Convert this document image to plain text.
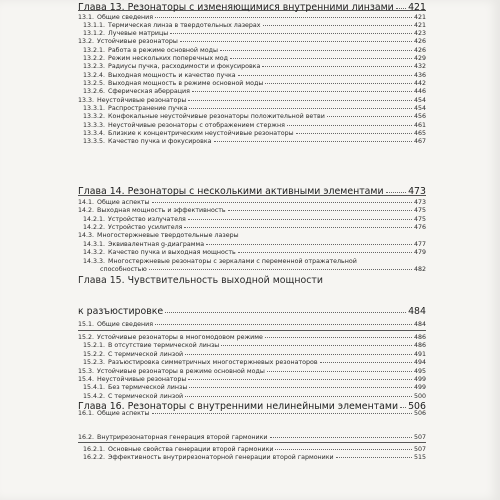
Глава 13. Резонаторы с изменяющимися внутренними линзами 421
13.1. Общие сведения	421
13.1.1. Термическая линза в твердотельных лазерах	421
13.1.2. Лучевые матрицы	423
13.2. Устойчивые резонаторы	426
13.2.1. Работа в режиме основной моды	426
13.2.2. Режим нескольких поперечных мод	429
13.2.3. Радиусы пучка, расходимости и фокусировка	432
13.2.4. Выходная мощность и качество пучка	436
13.2.5. Выходная мощность в режиме основной моды	442
13.2.6. Сферическая аберрация	446
13.3. Неустойчивые резонаторы	454
13.3.1. Распространение пучка	454
13.3.2. Конфокальные неустойчивые резонаторы положительной ветви	456
13.3.3. Неустойчивые резонаторы с отображением стержня	461
13.3.4. Близкие к концентрическим неустойчивые резонаторы	465
13.3.5. Качество пучка и фокусировка	467
Глава 14. Резонаторы с несколькими активными элементами	473
14.1. Общие аспекты	473
14.2. Выходная мощность и эффективность	475
14.2.1. Устройство излучателя	475
14.2.2. Устройство усилителя	476
14.3. Многостержневые твердотельные лазеры
14.3.1. Эквивалентная g-диаграмма	477
14.3.2. Качество пучка и выходная мощность	479
14.3.3. Многостержневые резонаторы с зеркалами с переменной отражательной
способностью	482
Глава 15. Чувствительность выходной мощности
к разъюстировке	484
15.1. Общие сведения	484
15.2. Устойчивые резонаторы в многомодовом режиме	486
15.2.1. В отсутствие термической линзы	486
15.2.2. С термической линзой	491
15.2.3. Разъюстировка симметричных многостержневых резонаторов	494
15.3. Устойчивые резонаторы в режиме основной моды	495
15.4. Неустойчивые резонаторы	499
15.4.1. Без термической линзы	499
15.4.2. С термической линзой	500
Глава 16. Резонаторы с внутренними нелинейными элементами 506
16.1. Общие аспекты	506
16.2. Внутрирезонаторная генерация второй гармоники	507
16.2.1. Основные свойства генерации второй гармоники	507
16.2.2. Эффективность внутрирезонаторной генерации второй гармоники	515
